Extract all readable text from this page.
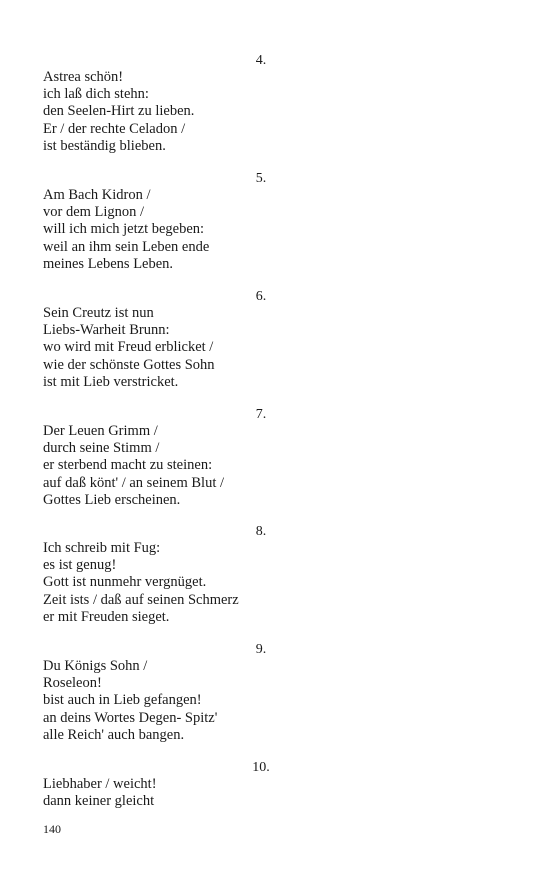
4.
Astrea schön!
ich laß dich stehn:
den Seelen-Hirt zu lieben.
Er / der rechte Celadon /
ist beständig blieben.
5.
Am Bach Kidron /
vor dem Lignon /
will ich mich jetzt begeben:
weil an ihm sein Leben ende
meines Lebens Leben.
6.
Sein Creutz ist nun
Liebs-Warheit Brunn:
wo wird mit Freud erblicket /
wie der schönste Gottes Sohn
ist mit Lieb verstricket.
7.
Der Leuen Grimm /
durch seine Stimm /
er sterbend macht zu steinen:
auf daß könt' / an seinem Blut /
Gottes Lieb erscheinen.
8.
Ich schreib mit Fug:
es ist genug!
Gott ist nunmehr vergnüget.
Zeit ists / daß auf seinen Schmerz
er mit Freuden sieget.
9.
Du Königs Sohn /
Roseleon!
bist auch in Lieb gefangen!
an deins Wortes Degen- Spitz'
alle Reich' auch bangen.
10.
Liebhaber / weicht!
dann keiner gleicht
140
